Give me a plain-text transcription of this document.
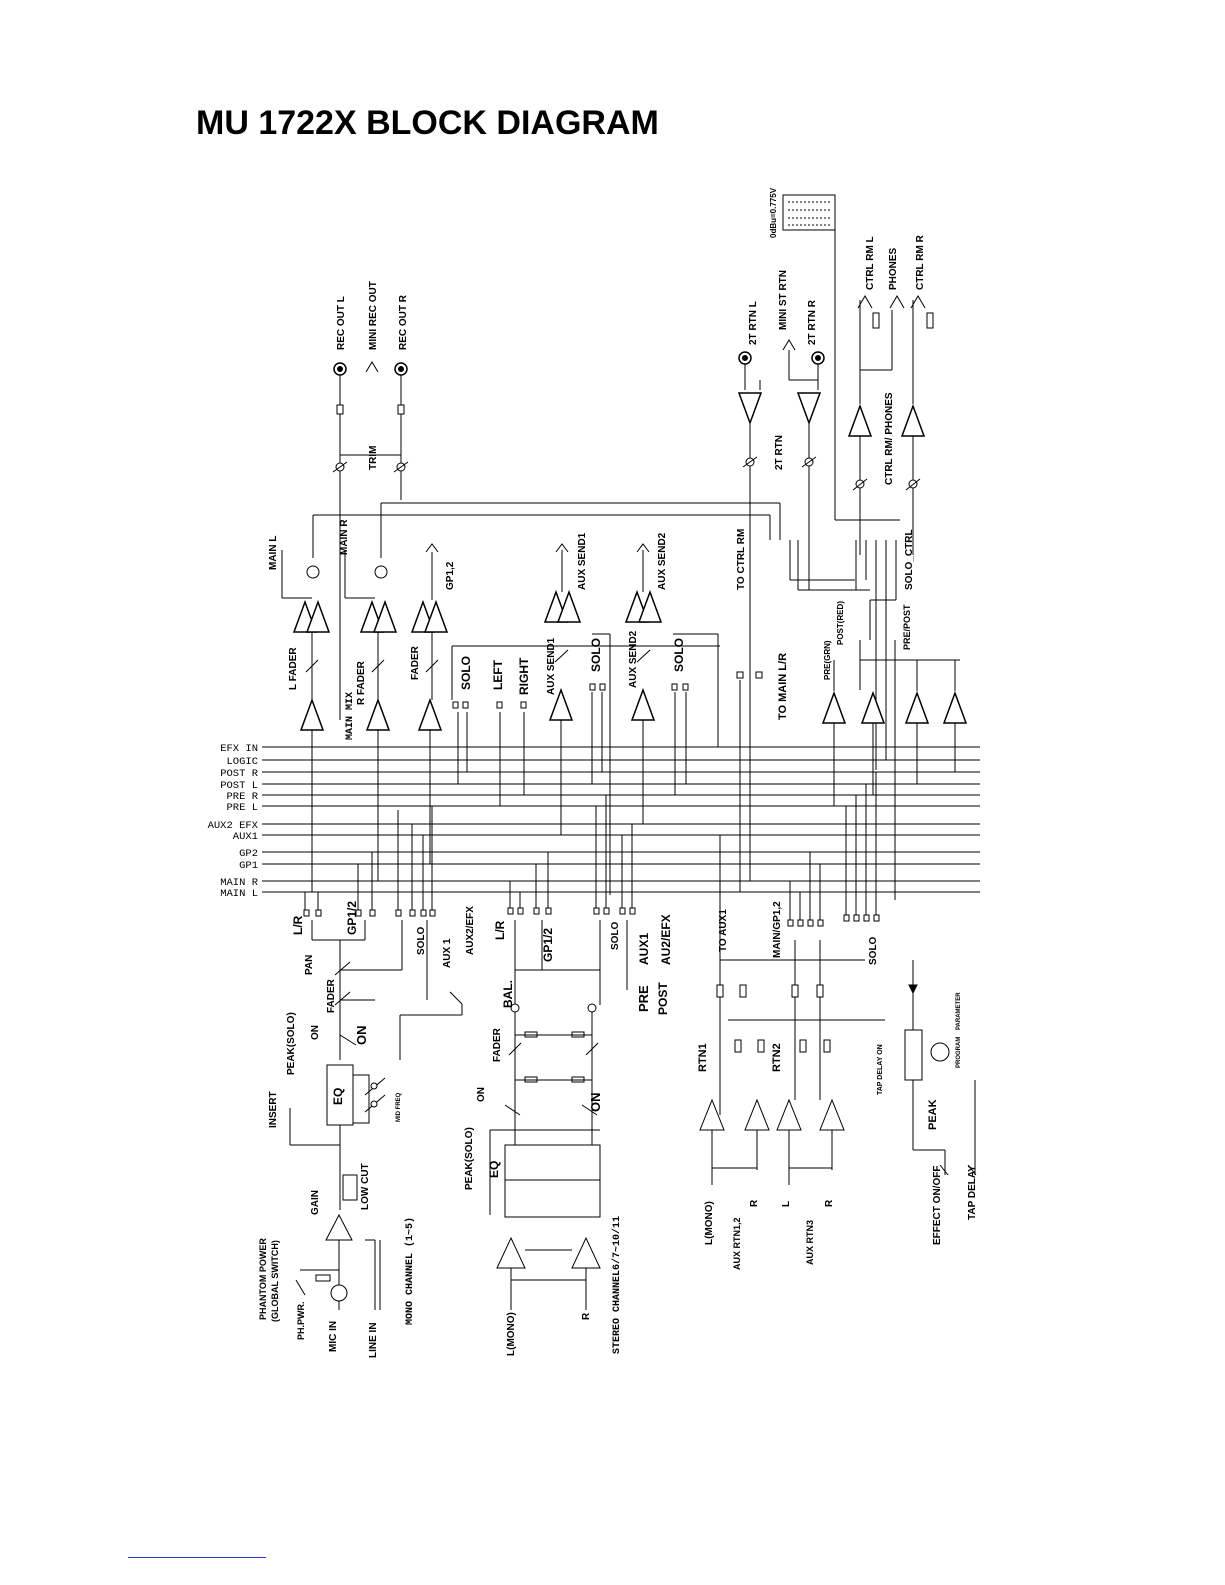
MU 1722X BLOCK DIAGRAM
EFX IN
LOGIC
POST R
POST L
PRE R
PRE L
AUX2 EFX
AUX1
GP2
GP1
MAIN R
MAIN L
REC OUT L MINI REC OUT REC OUT R
TRIM
MAIN L	MAIN R
GP1,2	AUX SEND1	AUX SEND2	TO CTRL RM
2T RTN L MINI ST RTN 2T RTN R
2T RTN
CTRL RM L PHONES CTRL RM R
CTRL RM/ PHONES
SOLO_CTRL
0dBu=0.775V
L FADER
MAIN MIX
R FADER	FADER	SOLO LEFT RIGHT AUX SEND1	SOLO	AUX SEND2	SOLO	TO MAIN L/R	PRE(GRN)
POST(RED)	PRE/POST
L/R	GP1/2
SOLO AUX 1 AUX2/EFX
PAN
FADER
ON	ON
PEAK(SOLO)
INSERT	EQ	MID FREQ
GAIN	LOW CUT
PHANTOM POWER (GLOBAL SWITCH) PH.PWR. MIC IN	LINE IN
MONO CHANNEL (1~5)
L/R	GP1/2	SOLO AUX1 AU2/EFX
BAL.	PRE POST
FADER
ON	ON
PEAK(SOLO) EQ
L(MONO)	R STEREO CHANNEL6/7~10/11
TO AUX1	MAIN/GP1,2	SOLO
RTN1	RTN2
L(MONO)	R L	R
AUX RTN1,2	AUX RTN3
TAP DELAY ON
PARAMETER
PROGRAM
PEAK
EFFECT ON/OFF TAP DELAY
